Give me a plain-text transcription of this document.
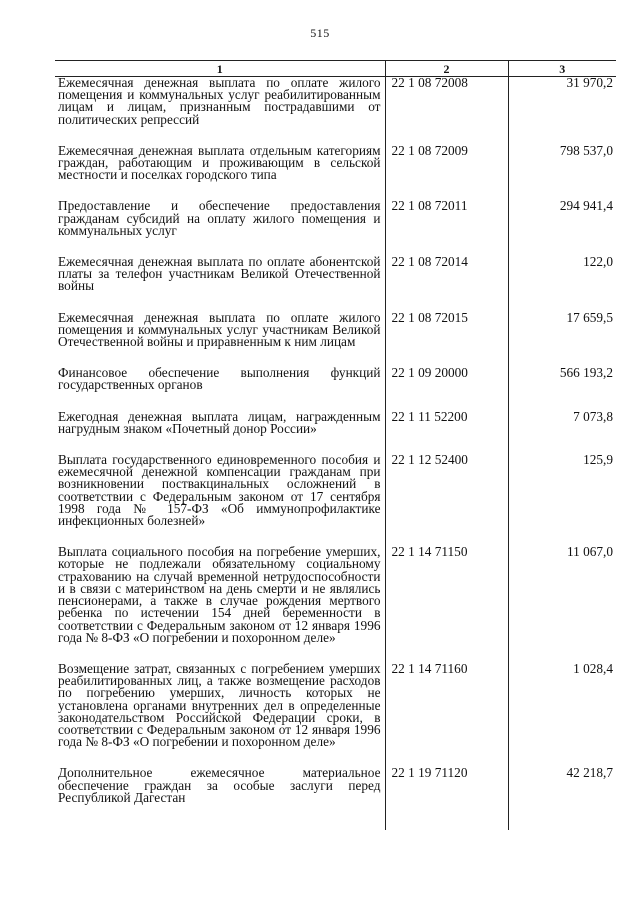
515
1	2	3
Ежемесячная денежная выплата по оплате жилого помещения и коммунальных услуг реабилитированным лицам и лицам, признанным пострадавшими от политических репрессий	22 1 08 72008	31 970,2
Ежемесячная денежная выплата отдельным категориям граждан, работающим и проживающим в сельской местности и поселках городского типа	22 1 08 72009	798 537,0
Предоставление и обеспечение предоставления гражданам субсидий на оплату жилого помещения и коммунальных услуг	22 1 08 72011	294 941,4
Ежемесячная денежная выплата по оплате абонентской платы за телефон участникам Великой Отечественной войны	22 1 08 72014	122,0
Ежемесячная денежная выплата по оплате жилого помещения и коммунальных услуг участникам Великой Отечественной войны и приравненным к ним лицам	22 1 08 72015	17 659,5
Финансовое обеспечение выполнения функций государственных органов	22 1 09 20000	566 193,2
Ежегодная денежная выплата лицам, награжденным нагрудным знаком «Почетный донор России»	22 1 11 52200	7 073,8
Выплата государственного единовременного пособия и ежемесячной денежной компенсации гражданам при возникновении поствакцинальных осложнений в соответствии с Федеральным законом от 17 сентября 1998 года № 157-ФЗ «Об иммунопрофилактике инфекционных болезней»	22 1 12 52400	125,9
Выплата социального пособия на погребение умерших, которые не подлежали обязательному социальному страхованию на случай временной нетрудоспособности и в связи с материнством на день смерти и не являлись пенсионерами, а также в случае рождения мертвого ребенка по истечении 154 дней беременности в соответствии с Федеральным законом от 12 января 1996 года № 8-ФЗ «О погребении и похоронном деле»	22 1 14 71150	11 067,0
Возмещение затрат, связанных с погребением умерших реабилитированных лиц, а также возмещение расходов по погребению умерших, личность которых не установлена органами внутренних дел в определенные законодательством Российской Федерации сроки, в соответствии с Федеральным законом от 12 января 1996 года № 8-ФЗ «О погребении и похоронном деле»	22 1 14 71160	1 028,4
Дополнительное ежемесячное материальное обеспечение граждан за особые заслуги перед Республикой Дагестан	22 1 19 71120	42 218,7
